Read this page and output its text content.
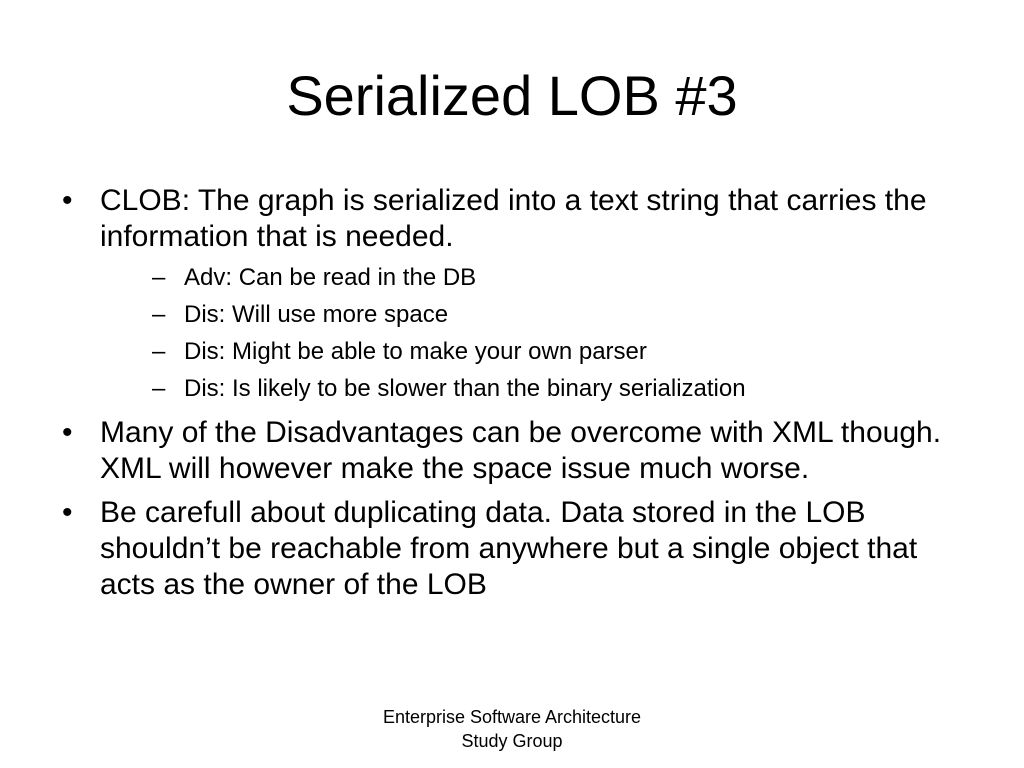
Serialized LOB #3
• CLOB: The graph is serialized into a text string that carries the information that is needed.
– Adv: Can be read in the DB
– Dis: Will use more space
– Dis: Might be able to make your own parser
– Dis: Is likely to be slower than the binary serialization
• Many of the Disadvantages can be overcome with XML though. XML will however make the space issue much worse.
• Be carefull about duplicating data. Data stored in the LOB shouldn’t be reachable from anywhere but a single object that acts as the owner of the LOB
Enterprise Software Architecture
Study Group
